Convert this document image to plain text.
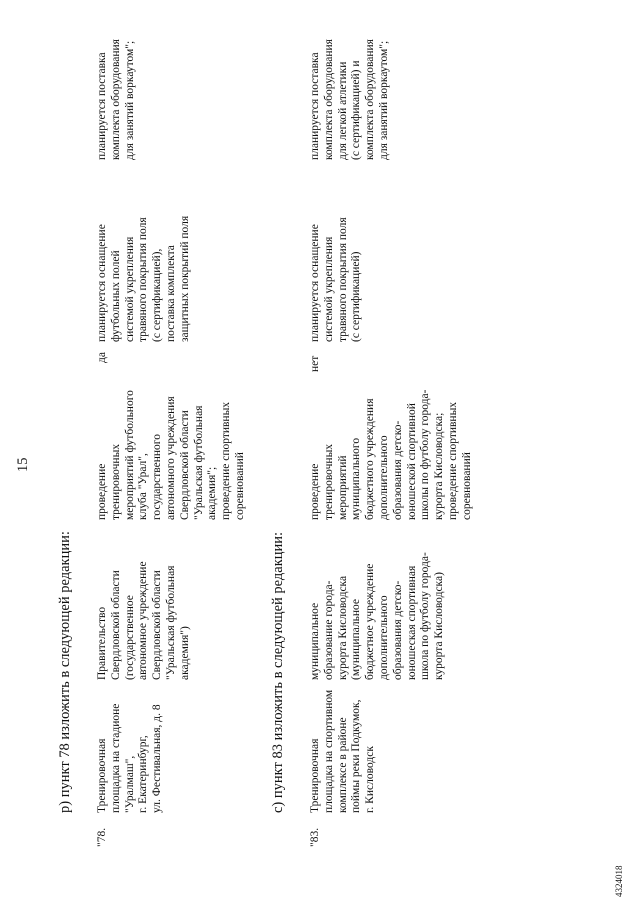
15
р) пункт 78 изложить в следующей редакции:
"78.
Тренировочная
площадка на стадионе
"Уралмаш",
г. Екатеринбург,
ул. Фестивальная, д. 8
Правительство
Свердловской области
(государственное
автономное учреждение
Свердловской области
"Уральская футбольная
академия")
проведение
тренировочных
мероприятий футбольного
клуба "Урал",
государственного
автономного учреждения
Свердловской области
"Уральская футбольная
академия";
проведение спортивных
соревнований
да
планируется оснащение
футбольных полей
системой укрепления
травяного покрытия поля
(с сертификацией),
поставка комплекта
защитных покрытий поля
планируется поставка
комплекта оборудования
для занятий воркаутом";
с) пункт 83 изложить в следующей редакции:
"83.
Тренировочная
площадка на спортивном
комплексе в районе
поймы реки Подкумок,
г. Кисловодск
муниципальное
образование города-
курорта Кисловодска
(муниципальное
бюджетное учреждение
дополнительного
образования детско-
юношеская спортивная
школа по футболу города-
курорта Кисловодска)
проведение
тренировочных
мероприятий
муниципального
бюджетного учреждения
дополнительного
образования детско-
юношеской спортивной
школы по футболу города-
курорта Кисловодска;
проведение спортивных
соревнований
нет
планируется оснащение
системой укрепления
травяного покрытия поля
(с сертификацией)
планируется поставка
комплекта оборудования
для легкой атлетики
(с сертификацией) и
комплекта оборудования
для занятий воркаутом";
4324018
